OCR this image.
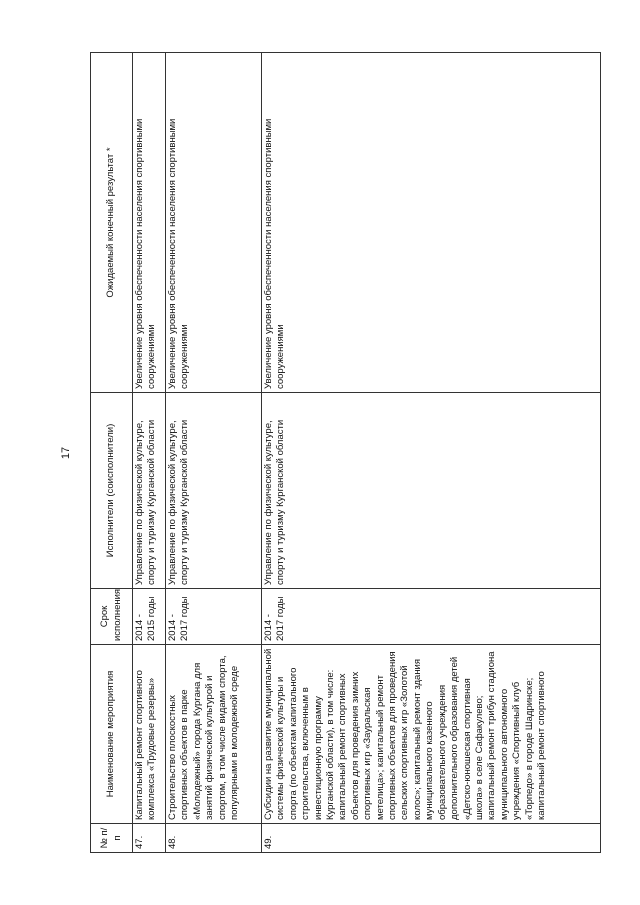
17
№ п/п	Наименование мероприятия	Срок исполнения	Исполнители (соисполнители)	Ожидаемый конечный результат *
47.	Капитальный ремонт спортивного комплекса «Трудовые резервы»	2014 - 2015 годы	Управление по физической культуре, спорту и туризму Курганской области	Увеличение уровня обеспеченности населения спортивными сооружениями
48.	Строительство плоскостных спортивных объектов в парке «Молодежный» города Кургана для занятий физической культурой и спортом, в том числе видами спорта, популярными в молодежной среде	2014 - 2017 годы	Управление по физической культуре, спорту и туризму Курганской области	Увеличение уровня обеспеченности населения спортивными сооружениями
49.	Субсидии на развитие муниципальной системы физической культуры и спорта (по объектам капитального строительства, включенным в инвестиционную программу Курганской области), в том числе: капитальный ремонт спортивных объектов для проведения зимних спортивных игр «Зауральская метелица»; капитальный ремонт спортивных объектов для проведения сельских спортивных игр «Золотой колос»; капитальный ремонт здания муниципального казенного образовательного учреждения дополнительного образования детей «Детско-юношеская спортивная школа» в селе Сафакулево; капитальный ремонт трибун стадиона муниципального автономного учреждения «Спортивный клуб «Торпедо» в городе Шадринске; капитальный ремонт спортивного	2014 - 2017 годы	Управление по физической культуре, спорту и туризму Курганской области	Увеличение уровня обеспеченности населения спортивными сооружениями
